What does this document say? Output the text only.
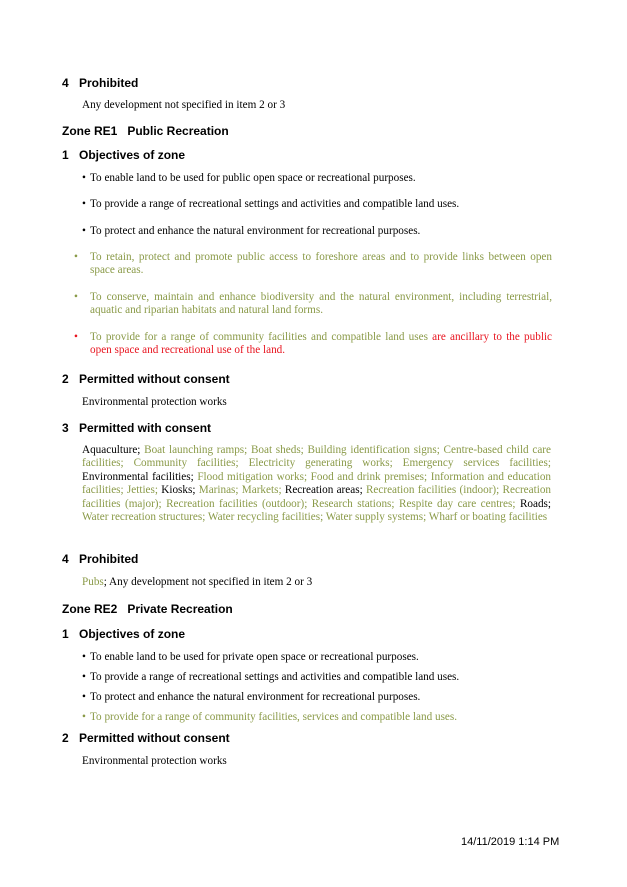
4 Prohibited
Any development not specified in item 2 or 3
Zone RE1 Public Recreation
1 Objectives of zone
• To enable land to be used for public open space or recreational purposes.
• To provide a range of recreational settings and activities and compatible land uses.
• To protect and enhance the natural environment for recreational purposes.
• To retain, protect and promote public access to foreshore areas and to provide links between open space areas.
• To conserve, maintain and enhance biodiversity and the natural environment, including terrestrial, aquatic and riparian habitats and natural land forms.
• To provide for a range of community facilities and compatible land uses are ancillary to the public open space and recreational use of the land.
2 Permitted without consent
Environmental protection works
3 Permitted with consent
Aquaculture; Boat launching ramps; Boat sheds; Building identification signs; Centre-based child care facilities; Community facilities; Electricity generating works; Emergency services facilities; Environmental facilities; Flood mitigation works; Food and drink premises; Information and education facilities; Jetties; Kiosks; Marinas; Markets; Recreation areas; Recreation facilities (indoor); Recreation facilities (major); Recreation facilities (outdoor); Research stations; Respite day care centres; Roads; Water recreation structures; Water recycling facilities; Water supply systems; Wharf or boating facilities
4 Prohibited
Pubs; Any development not specified in item 2 or 3
Zone RE2 Private Recreation
1 Objectives of zone
• To enable land to be used for private open space or recreational purposes.
• To provide a range of recreational settings and activities and compatible land uses.
• To protect and enhance the natural environment for recreational purposes.
• To provide for a range of community facilities, services and compatible land uses.
2 Permitted without consent
Environmental protection works
14/11/2019 1:14 PM
